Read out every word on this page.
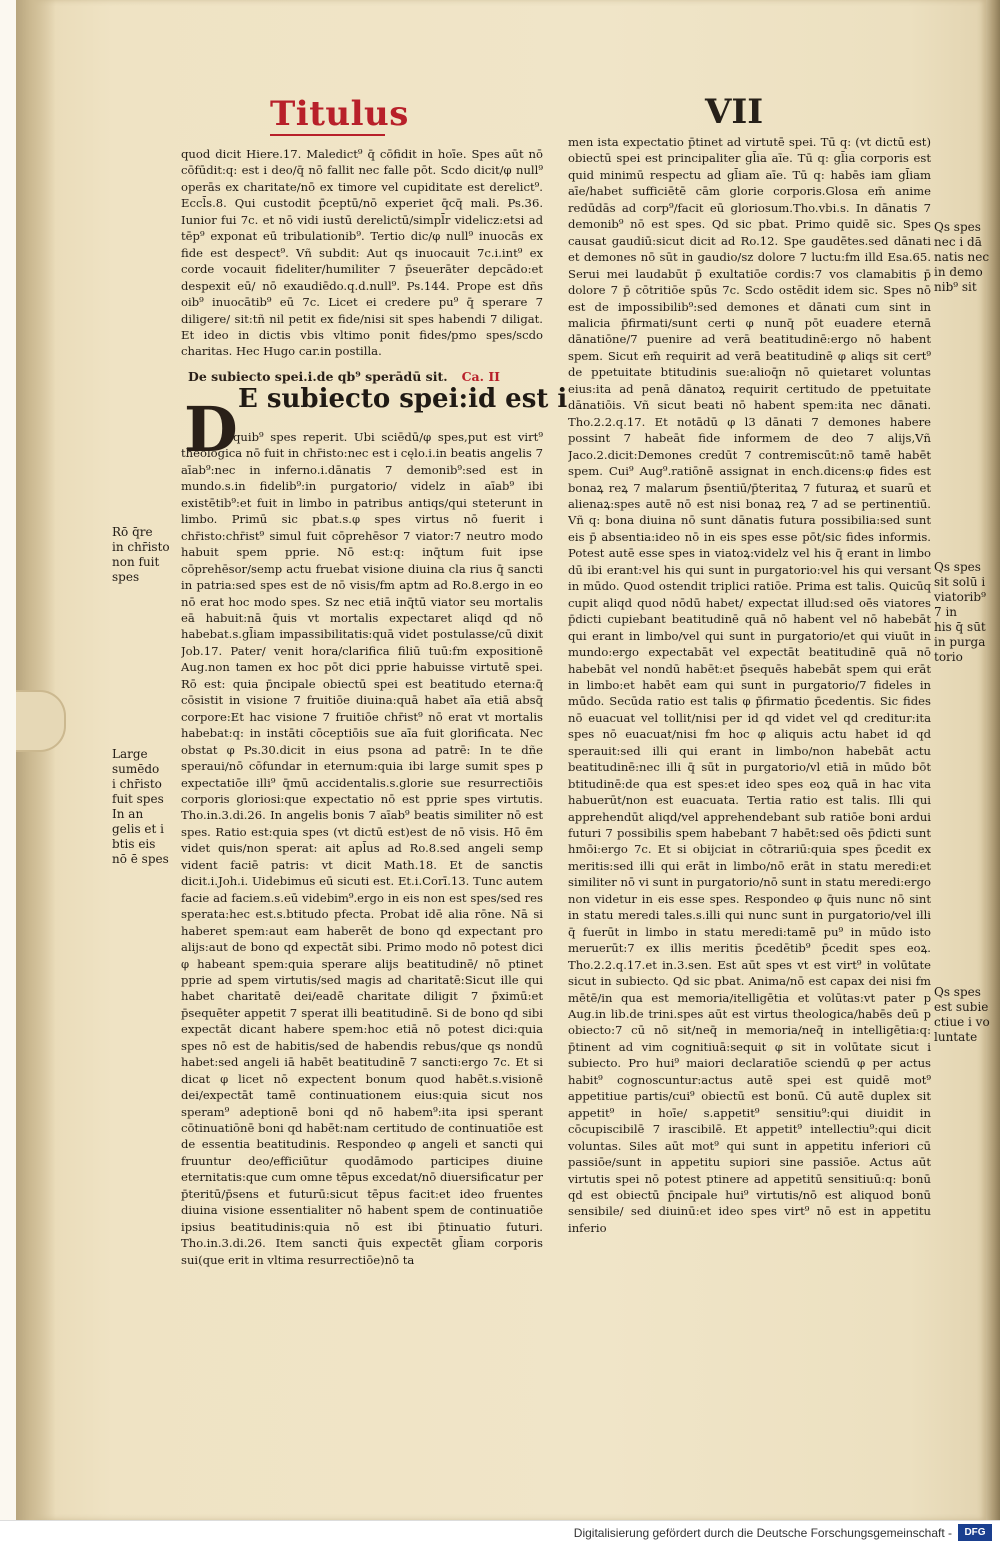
Titulus	VII
quod dicit Hiere.17. Maledict⁹ q̄ cōfidit in hoīe. Spes aūt nō cōfūdit:q: est i deo/q̄ nō fallit nec falle pōt. Scdo dicit/φ null⁹ operās ex charitate/nō ex timore vel cupiditate est derelict⁹. Eccl̄s.8. Qui custodit p̄ceptū/nō experiet q̄cq̄ mali. Ps.36. Iunior fui 7c. et nō vidi iustū derelictū/simpl̄r videlicz:etsi ad tēp⁹ exponat eū tribulationib⁹. Tertio dic/φ null⁹ inuocās ex fide est despect⁹. Vñ subdit: Aut qs inuocauit 7c.i.int⁹ ex corde vocauit fideliter/humiliter 7 p̄seuerāter depcādo:et despexit eū/ nō exaudiēdo.q.d.null⁹. Ps.144. Prope est dñs oib⁹ inuocātib⁹ eū 7c. Licet ei credere pu⁹ q̄ sperare 7 diligere/ sit:tñ nil petit ex fide/nisi sit spes habendi 7 diligat. Et ideo in dictis vbis vltimo ponit fides/pmo spes/scdo charitas. Hec Hugo car.in postilla.
quib⁹ spes reperit. Ubi sciēdū/φ spes,put est virt⁹ theologica nō fuit in chr̄isto:nec est i cęlo.i.in beatis angelis 7 aīab⁹:nec in inferno.i.dānatis 7 demonib⁹:sed est in mundo.s.in fidelib⁹:in purgatorio/ videlz in aīab⁹ ibi existētib⁹:et fuit in limbo in patribus antiqs/qui steterunt in limbo. Primū sic pbat.s.φ spes virtus nō fuerit i chr̄isto:chr̄ist⁹ simul fuit cōprehēsor 7 viator:7 neutro modo habuit spem pprie. Nō est:q: inq̄tum fuit ipse cōprehēsor/semp actu fruebat visione diuina cla rius q̄ sancti in patria:sed spes est de nō visis/fm aptm ad Ro.8.ergo in eo nō erat hoc modo spes. Sz nec etiā inq̄tū viator seu mortalis eā habuit:nā q̄uis vt mortalis expectaret aliqd qd nō habebat.s.gl̄iam impassibilitatis:quā videt postulasse/cū dixit Job.17. Pater/ venit hora/clarifica filiū tuū:fm expositionē Aug.non tamen ex hoc pōt dici pprie habuisse virtutē spei. Rō est: quia p̄ncipale obiectū spei est beatitudo eterna:q̄ cōsistit in visione 7 fruitiōe diuina:quā habet aīa etiā absq̄ corpore:Et hac visione 7 fruitiōe chr̄ist⁹ nō erat vt mortalis habebat:q: in instāti cōceptiōis sue aīa fuit glorificata. Nec obstat φ Ps.30.dicit in eius psona ad patrē: In te dñe speraui/nō cōfundar in eternum:quia ibi large sumit spes p expectatiōe illi⁹ q̄mū accidentalis.s.glorie sue resurrectiōis corporis gloriosi:que expectatio nō est pprie spes virtutis. Tho.in.3.di.26. In angelis bonis 7 aīab⁹ beatis similiter nō est spes. Ratio est:quia spes (vt dictū est)est de nō visis. Hō ēm videt quis/non sperat: ait apl̄us ad Ro.8.sed angeli semp vident faciē patris: vt dicit Math.18. Et de sanctis dicit.i.Joh.i. Uidebimus eū sicuti est. Et.i.Corī.13. Tunc autem facie ad faciem.s.eū videbim⁹.ergo in eis non est spes/sed res sperata:hec est.s.btitudo pfecta. Probat idē alia rōne. Nā si haberet spem:aut eam haberēt de bono qd expectant pro alijs:aut de bono qd expectāt sibi. Primo modo nō potest dici φ habeant spem:quia sperare alijs beatitudinē/ nō ptinet pprie ad spem virtutis/sed magis ad charitatē:Sicut ille qui habet charitatē dei/eadē charitate diligit 7 p̄ximū:et p̄sequēter appetit 7 sperat illi beatitudinē. Si de bono qd sibi expectāt dicant habere spem:hoc etiā nō potest dici:quia spes nō est de habitis/sed de habendis rebus/que qs nondū habet:sed angeli iā habēt beatitudinē 7 sancti:ergo 7c. Et si dicat φ licet nō expectent bonum quod habēt.s.visionē dei/expectāt tamē continuationem eius:quia sicut nos speram⁹ adeptionē boni qd nō habem⁹:ita ipsi sperant cōtinuatiōnē boni qd habēt:nam certitudo de continuatiōe est de essentia beatitudinis. Respondeo φ angeli et sancti qui fruuntur deo/efficiūtur quodāmodo participes diuine eternitatis:que cum omne tēpus excedat/nō diuersificatur per p̄teritū/p̄sens et futurū:sicut tēpus facit:et ideo fruentes diuina visione essentialiter nō habent spem de continuatiōe ipsius beatitudinis:quia nō est ibi p̄tinuatio futuri. Tho.in.3.di.26. Item sancti q̄uis expectēt gl̄iam corporis sui(que erit in vltima resurrectiōe)nō ta
De subiecto spei.i.de qb⁹ sperādū sit. Ca. II
E subiecto spei:id est i
D
men ista expectatio p̄tinet ad virtutē spei. Tū q: (vt dictū est) obiectū spei est principaliter gl̄ia aīe. Tū q: gl̄ia corporis est quid minimū respectu ad gl̄iam aīe. Tū q: habēs iam gl̄iam aīe/habet sufficiētē cām glorie corporis.Glosa em̄ anime redūdās ad corp⁹/facit eū gloriosum.Tho.vbi.s. In dānatis 7 demonib⁹ nō est spes. Qd sic pbat. Primo quidē sic. Spes causat gaudiū:sicut dicit ad Ro.12. Spe gaudētes.sed dānati et demones nō sūt in gaudio/sz dolore 7 luctu:fm illd Esa.65. Serui mei laudabūt p̄ exultatiōe cordis:7 vos clamabitis p̄ dolore 7 p̄ cōtritiōe spūs 7c. Scdo ostēdit idem sic. Spes nō est de impossibilib⁹:sed demones et dānati cum sint in malicia p̄firmati/sunt certi φ nunq̄ pōt euadere eternā dānatiōne/7 puenire ad verā beatitudinē:ergo nō habent spem. Sicut em̄ requirit ad verā beatitudinē φ aliqs sit cert⁹ de ppetuitate btitudinis sue:alioq̄n nō quietaret voluntas eius:ita ad penā dānatoꝝ requirit certitudo de ppetuitate dānatiōis. Vñ sicut beati nō habent spem:ita nec dānati. Tho.2.2.q.17. Et notādū φ l3 dānati 7 demones habere possint 7 habeāt fide informem de deo 7 alijs,Vñ Jaco.2.dicit:Demones credūt 7 contremiscūt:nō tamē habēt spem. Cui⁹ Aug⁹.ratiōnē assignat in ench.dicens:φ fides est bonaꝝ reꝝ 7 malarum p̄sentiū/p̄teritaꝝ 7 futuraꝝ et suarū et alienaꝝ:spes autē nō est nisi bonaꝝ reꝝ 7 ad se pertinentiū. Vñ q: bona diuina nō sunt dānatis futura possibilia:sed sunt eis p̄ absentia:ideo nō in eis spes esse pōt/sic fides informis. Potest autē esse spes in viatoꝝ:videlz vel his q̄ erant in limbo dū ibi erant:vel his qui sunt in purgatorio:vel his qui versant in mūdo. Quod ostendit triplici ratiōe. Prima est talis. Quicūq cupit aliqd quod nōdū habet/ expectat illud:sed oēs viatores p̄dicti cupiebant beatitudinē quā nō habent vel nō habebāt qui erant in limbo/vel qui sunt in purgatorio/et qui viuūt in mundo:ergo expectabāt vel expectāt beatitudinē quā nō habebāt vel nondū habēt:et p̄sequēs habebāt spem qui erāt in limbo:et habēt eam qui sunt in purgatorio/7 fideles in mūdo. Secūda ratio est talis φ p̄firmatio p̄cedentis. Sic fides nō euacuat vel tollit/nisi per id qd videt vel qd creditur:ita spes nō euacuat/nisi fm hoc φ aliquis actu habet id qd sperauit:sed illi qui erant in limbo/non habebāt actu beatitudinē:nec illi q̄ sūt in purgatorio/vl etiā in mūdo bōt btitudinē:de qua est spes:et ideo spes eoꝝ quā in hac vita habuerūt/non est euacuata. Tertia ratio est talis. Illi qui apprehendūt aliqd/vel apprehendebant sub ratiōe boni ardui futuri 7 possibilis spem habebant 7 habēt:sed oēs p̄dicti sunt hmōi:ergo 7c. Et si obijciat in cōtrariū:quia spes p̄cedit ex meritis:sed illi qui erāt in limbo/nō erāt in statu meredi:et similiter nō vi sunt in purgatorio/nō sunt in statu meredi:ergo non videtur in eis esse spes. Respondeo φ q̄uis nunc nō sint in statu meredi tales.s.illi qui nunc sunt in purgatorio/vel illi q̄ fuerūt in limbo in statu meredi:tamē pu⁹ in mūdo isto meruerūt:7 ex illis meritis p̄cedētib⁹ p̄cedit spes eoꝝ. Tho.2.2.q.17.et in.3.sen. Est aūt spes vt est virt⁹ in volūtate sicut in subiecto. Qd sic pbat. Anima/nō est capax dei nisi fm mētē/in qua est memoria/itelligētia et volūtas:vt pater p Aug.in lib.de trini.spes aūt est virtus theologica/habēs deū p obiecto:7 cū nō sit/neq̄ in memoria/neq̄ in intelligētia:q: p̄tinent ad vim cognitiuā:sequit φ sit in volūtate sicut i subiecto. Pro hui⁹ maiori declaratiōe sciendū φ per actus habit⁹ cognoscuntur:actus autē spei est quidē mot⁹ appetitiue partis/cui⁹ obiectū est bonū. Cū autē duplex sit appetit⁹ in hoīe/ s.appetit⁹ sensitiu⁹:qui diuidit in cōcupiscibilē 7 irascibilē. Et appetit⁹ intellectiu⁹:qui dicit voluntas. Siles aūt mot⁹ qui sunt in appetitu inferiori cū passiōe/sunt in appetitu supiori sine passiōe. Actus aūt virtutis spei nō potest ptinere ad appetitū sensitiuū:q: bonū qd est obiectū p̄ncipale hui⁹ virtutis/nō est aliquod bonū sensibile/ sed diuinū:et ideo spes virt⁹ nō est in appetitu inferio
Rō q̄re
in chr̄isto
non fuit
spes
Large
sumēdo
i chr̄isto
fuit spes
In an
gelis et i
btis eis
nō ē spes
Qs spes
nec i dā
natis nec
in demo
nib⁹ sit
Qs spes
sit solū i
viatorib⁹
7 in
his q̄ sūt
in purga
torio
Qs spes
est subie
ctiue i vo
luntate
Digitalisierung gefördert durch die Deutsche Forschungsgemeinschaft -	DFG
